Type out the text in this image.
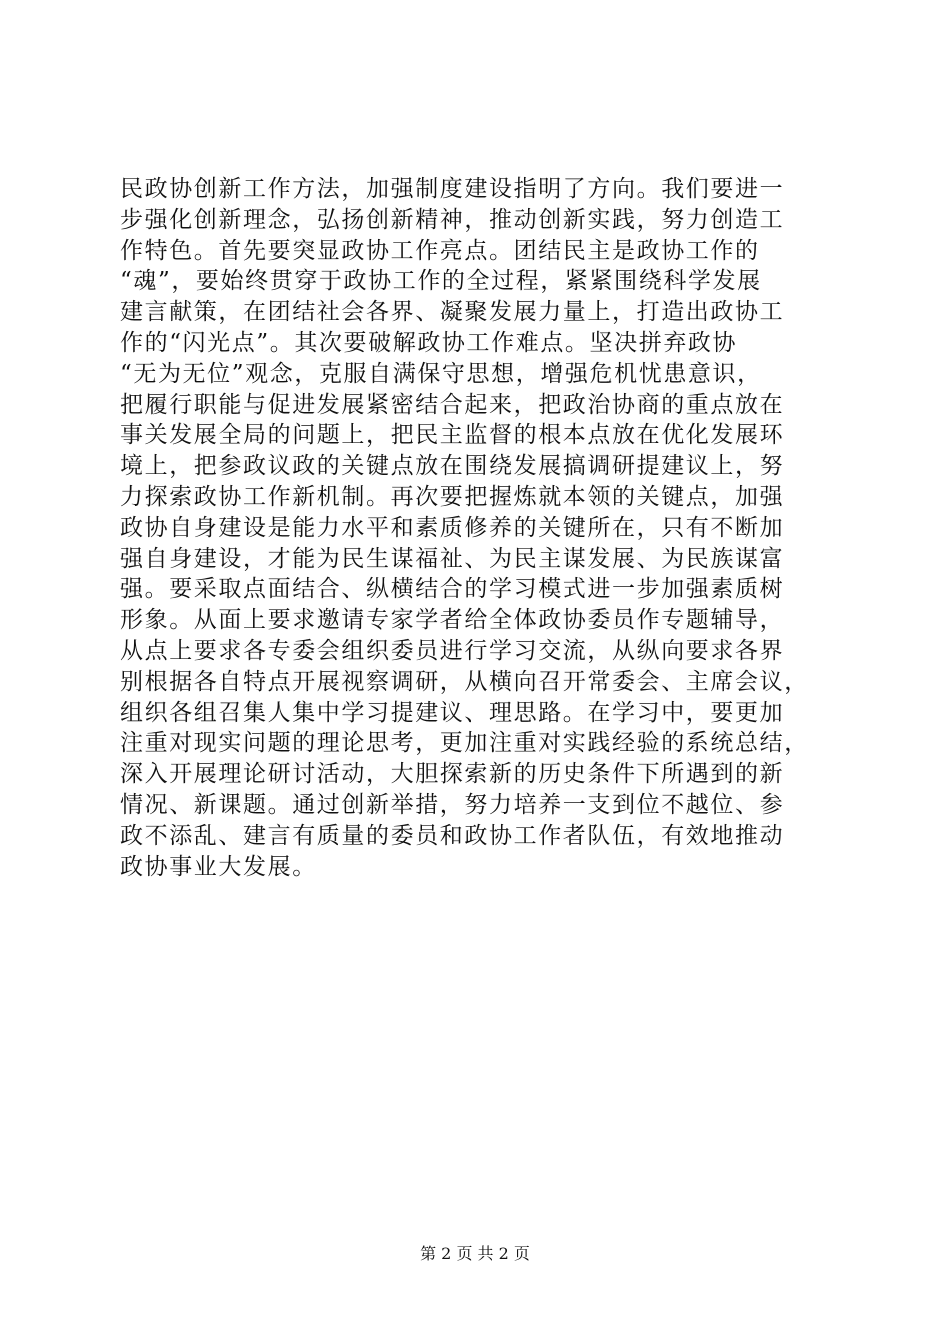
民政协创新工作方法，加强制度建设指明了方向。我们要进一
步强化创新理念，弘扬创新精神，推动创新实践，努力创造工
作特色。首先要突显政协工作亮点。团结民主是政协工作的
“魂”，要始终贯穿于政协工作的全过程，紧紧围绕科学发展
建言献策，在团结社会各界、凝聚发展力量上，打造出政协工
作的“闪光点”。其次要破解政协工作难点。坚决拼弃政协
“无为无位”观念，克服自满保守思想，增强危机忧患意识，
把履行职能与促进发展紧密结合起来，把政治协商的重点放在
事关发展全局的问题上，把民主监督的根本点放在优化发展环
境上，把参政议政的关键点放在围绕发展搞调研提建议上，努
力探索政协工作新机制。再次要把握炼就本领的关键点，加强
政协自身建设是能力水平和素质修养的关键所在，只有不断加
强自身建设，才能为民生谋福祉、为民主谋发展、为民族谋富
强。要采取点面结合、纵横结合的学习模式进一步加强素质树
形象。从面上要求邀请专家学者给全体政协委员作专题辅导，
从点上要求各专委会组织委员进行学习交流，从纵向要求各界
别根据各自特点开展视察调研，从横向召开常委会、主席会议，
组织各组召集人集中学习提建议、理思路。在学习中，要更加
注重对现实问题的理论思考，更加注重对实践经验的系统总结，
深入开展理论研讨活动，大胆探索新的历史条件下所遇到的新
情况、新课题。通过创新举措，努力培养一支到位不越位、参
政不添乱、建言有质量的委员和政协工作者队伍，有效地推动
政协事业大发展。
第 2 页 共 2 页
